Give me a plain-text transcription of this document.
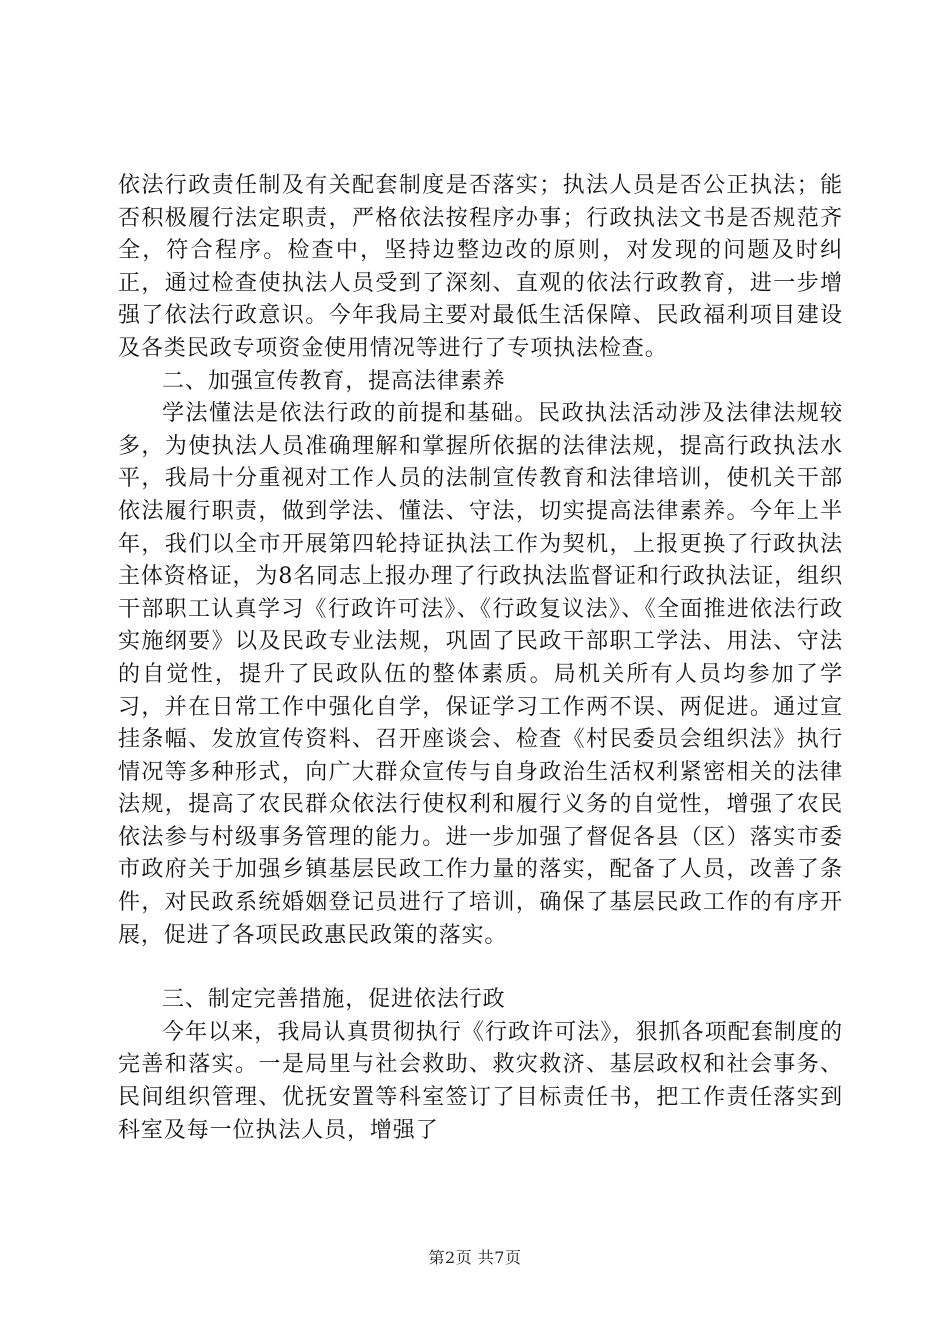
依法行政责任制及有关配套制度是否落实；执法人员是否公正执法；能否积极履行法定职责，严格依法按程序办事；行政执法文书是否规范齐全，符合程序。检查中，坚持边整边改的原则，对发现的问题及时纠正，通过检查使执法人员受到了深刻、直观的依法行政教育，进一步增强了依法行政意识。今年我局主要对最低生活保障、民政福利项目建设及各类民政专项资金使用情况等进行了专项执法检查。

二、加强宣传教育，提高法律素养

学法懂法是依法行政的前提和基础。民政执法活动涉及法律法规较多，为使执法人员准确理解和掌握所依据的法律法规，提高行政执法水平，我局十分重视对工作人员的法制宣传教育和法律培训，使机关干部依法履行职责，做到学法、懂法、守法，切实提高法律素养。今年上半年，我们以全市开展第四轮持证执法工作为契机，上报更换了行政执法主体资格证，为8名同志上报办理了行政执法监督证和行政执法证，组织干部职工认真学习《行政许可法》、《行政复议法》、《全面推进依法行政实施纲要》以及民政专业法规，巩固了民政干部职工学法、用法、守法的自觉性，提升了民政队伍的整体素质。局机关所有人员均参加了学习，并在日常工作中强化自学，保证学习工作两不误、两促进。通过宣挂条幅、发放宣传资料、召开座谈会、检查《村民委员会组织法》执行情况等多种形式，向广大群众宣传与自身政治生活权利紧密相关的法律法规，提高了农民群众依法行使权利和履行义务的自觉性，增强了农民依法参与村级事务管理的能力。进一步加强了督促各县（区）落实市委市政府关于加强乡镇基层民政工作力量的落实，配备了人员，改善了条件，对民政系统婚姻登记员进行了培训，确保了基层民政工作的有序开展，促进了各项民政惠民政策的落实。

三、制定完善措施，促进依法行政

今年以来，我局认真贯彻执行《行政许可法》，狠抓各项配套制度的完善和落实。一是局里与社会救助、救灾救济、基层政权和社会事务、民间组织管理、优抚安置等科室签订了目标责任书，把工作责任落实到科室及每一位执法人员，增强了

第2页 共7页
